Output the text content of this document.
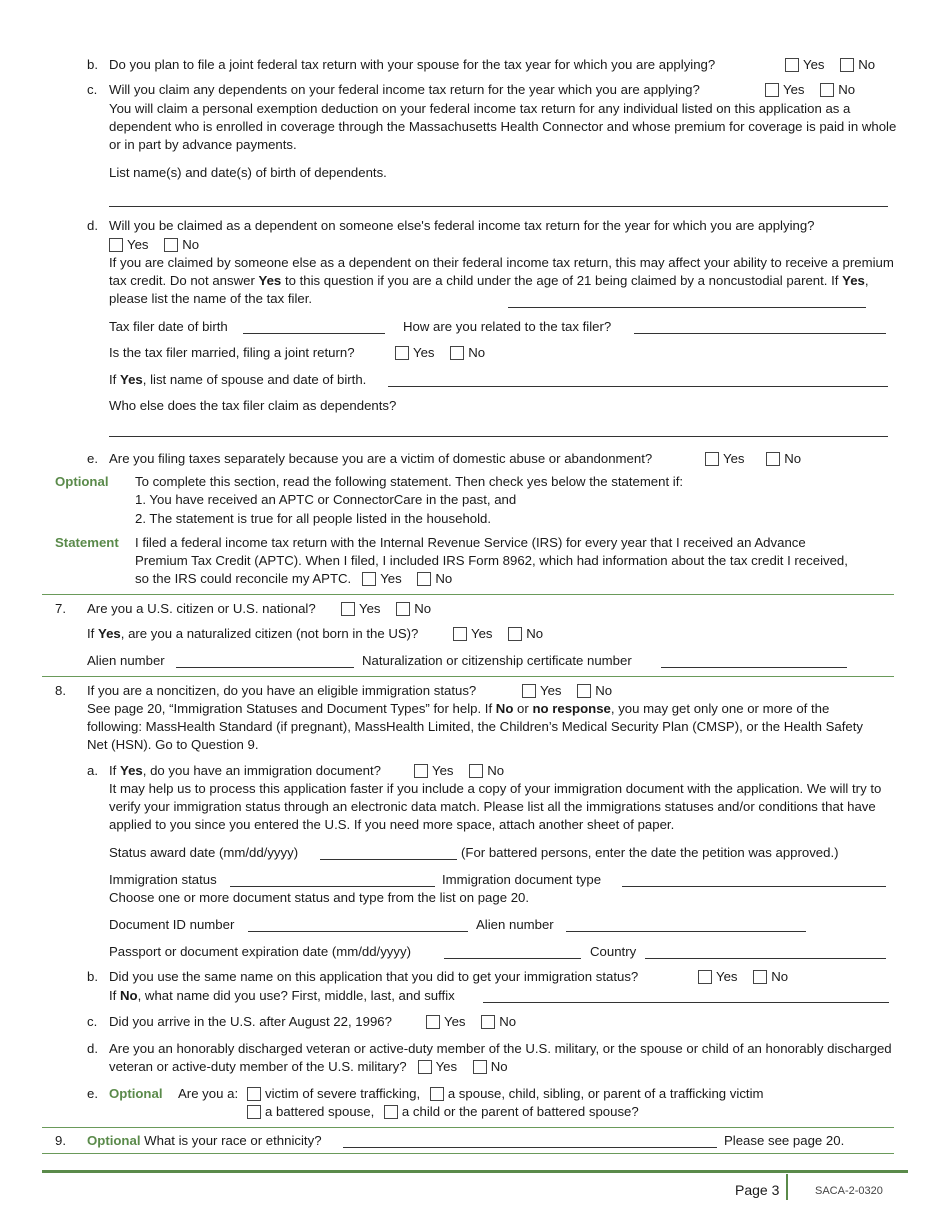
b. Do you plan to file a joint federal tax return with your spouse for the tax year for which you are applying?	Yes	No
c. Will you claim any dependents on your federal income tax return for the year which you are applying?	Yes	No
You will claim a personal exemption deduction on your federal income tax return for any individual listed on this application as a dependent who is enrolled in coverage through the Massachusetts Health Connector and whose premium for coverage is paid in whole or in part by advance payments.
List name(s) and date(s) of birth of dependents.
d. Will you be claimed as a dependent on someone else's federal income tax return for the year for which you are applying?
Yes	No
If you are claimed by someone else as a dependent on their federal income tax return, this may affect your ability to receive a premium tax credit. Do not answer Yes to this question if you are a child under the age of 21 being claimed by a noncustodial parent. If Yes, please list the name of the tax filer.
Tax filer date of birth	How are you related to the tax filer?
Is the tax filer married, filing a joint return?	Yes	No
If Yes, list name of spouse and date of birth.
Who else does the tax filer claim as dependents?
e. Are you filing taxes separately because you are a victim of domestic abuse or abandonment?	Yes	No
Optional To complete this section, read the following statement. Then check yes below the statement if:
1. You have received an APTC or ConnectorCare in the past, and
2. The statement is true for all people listed in the household.
Statement I filed a federal income tax return with the Internal Revenue Service (IRS) for every year that I received an Advance Premium Tax Credit (APTC). When I filed, I included IRS Form 8962, which had information about the tax credit I received, so the IRS could reconcile my APTC. Yes	No
7. Are you a U.S. citizen or U.S. national?	Yes	No
If Yes, are you a naturalized citizen (not born in the US)?	Yes	No
Alien number	Naturalization or citizenship certificate number
8. If you are a noncitizen, do you have an eligible immigration status?	Yes	No
See page 20, “Immigration Statuses and Document Types” for help. If No or no response, you may get only one or more of the following: MassHealth Standard (if pregnant), MassHealth Limited, the Children’s Medical Security Plan (CMSP), or the Health Safety Net (HSN). Go to Question 9.
a. If Yes, do you have an immigration document?	Yes	No
It may help us to process this application faster if you include a copy of your immigration document with the application. We will try to verify your immigration status through an electronic data match. Please list all the immigrations statuses and/or conditions that have applied to you since you entered the U.S. If you need more space, attach another sheet of paper.
Status award date (mm/dd/yyyy)	(For battered persons, enter the date the petition was approved.)
Immigration status	Immigration document type
Choose one or more document status and type from the list on page 20.
Document ID number	Alien number
Passport or document expiration date (mm/dd/yyyy)	Country
b. Did you use the same name on this application that you did to get your immigration status?	Yes	No
If No, what name did you use? First, middle, last, and suffix
c. Did you arrive in the U.S. after August 22, 1996?	Yes	No
d. Are you an honorably discharged veteran or active-duty member of the U.S. military, or the spouse or child of an honorably discharged veteran or active-duty member of the U.S. military? Yes	No
e. Optional Are you a:	victim of severe trafficking, a spouse, child, sibling, or parent of a trafficking victim
a battered spouse, a child or the parent of battered spouse?
9. Optional What is your race or ethnicity?	Please see page 20.
Page 3	SACA-2-0320
